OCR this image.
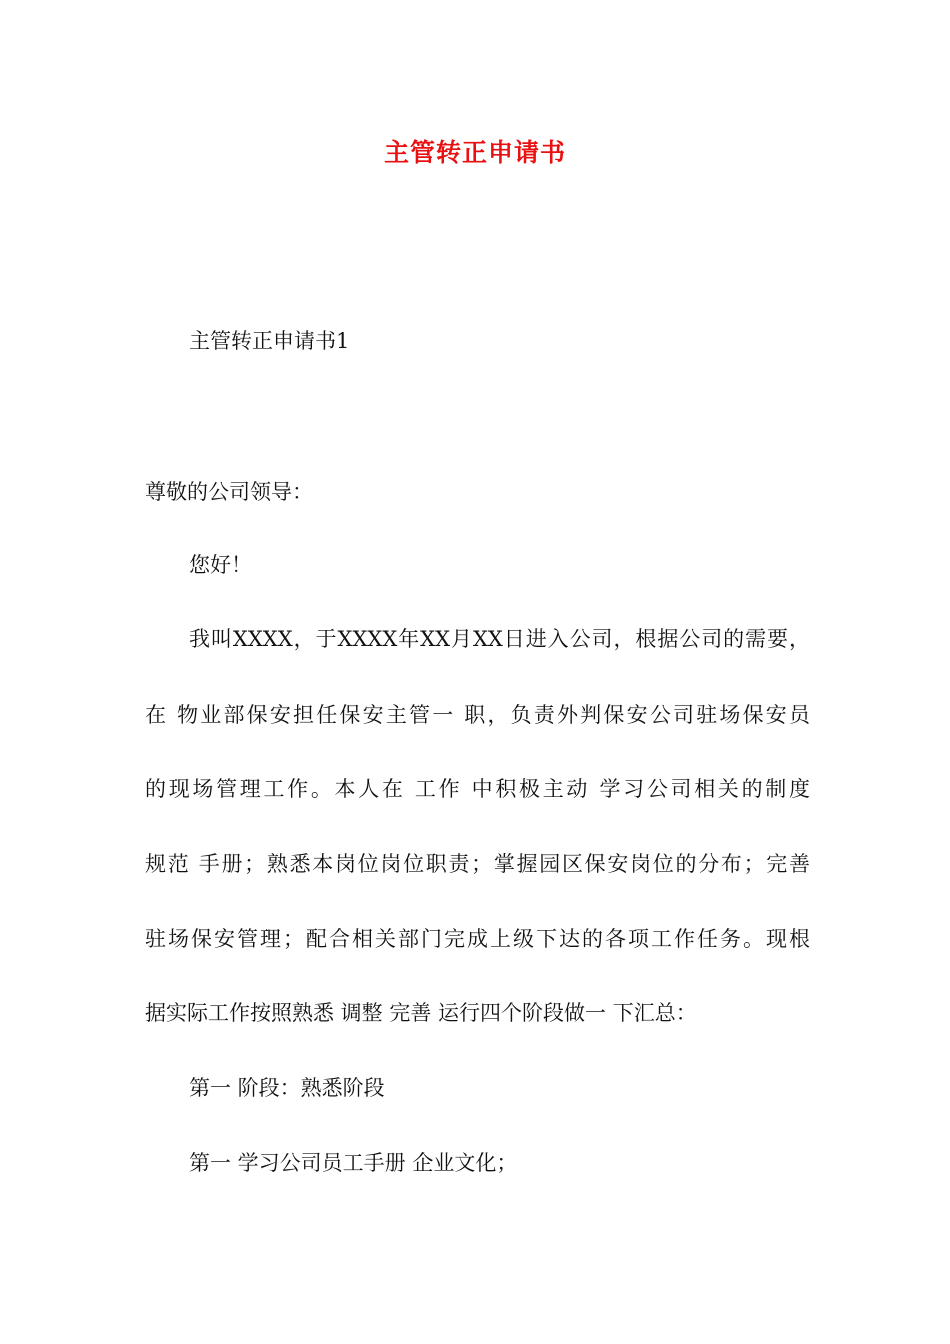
主管转正申请书
主管转正申请书1
尊敬的公司领导：
您好！
我叫XXXX，于XXXX年XX月XX日进入公司，根据公司的需要，
在 物业部保安担任保安主管一 职，负责外判保安公司驻场保安员
的现场管理工作。本人在 工作 中积极主动 学习公司相关的制度
规范 手册；熟悉本岗位岗位职责；掌握园区保安岗位的分布；完善
驻场保安管理；配合相关部门完成上级下达的各项工作任务。现根
据实际工作按照熟悉 调整 完善 运行四个阶段做一 下汇总：
第一 阶段：熟悉阶段
第一 学习公司员工手册 企业文化；
